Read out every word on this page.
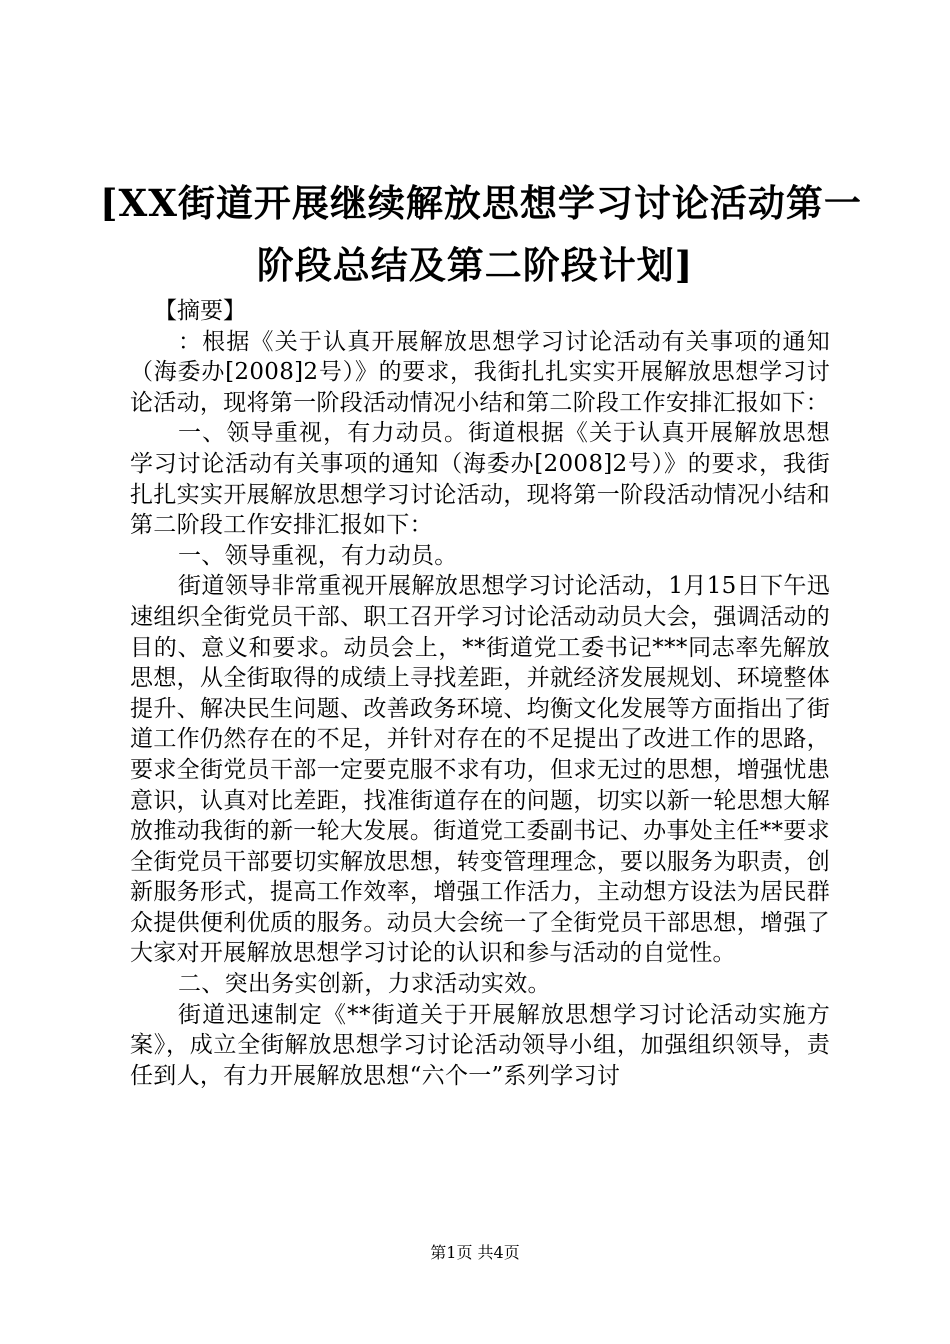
[XX街道开展继续解放思想学习讨论活动第一
阶段总结及第二阶段计划]

【摘要】

：根据《关于认真开展解放思想学习讨论活动有关事项的通知（海委办[2008]2号）》的要求，我街扎扎实实开展解放思想学习讨论活动，现将第一阶段活动情况小结和第二阶段工作安排汇报如下：

一、领导重视，有力动员。街道根据《关于认真开展解放思想学习讨论活动有关事项的通知（海委办[2008]2号）》的要求，我街扎扎实实开展解放思想学习讨论活动，现将第一阶段活动情况小结和第二阶段工作安排汇报如下：

一、领导重视，有力动员。

街道领导非常重视开展解放思想学习讨论活动，1月15日下午迅速组织全街党员干部、职工召开学习讨论活动动员大会，强调活动的目的、意义和要求。动员会上，**街道党工委书记***同志率先解放思想，从全街取得的成绩上寻找差距，并就经济发展规划、环境整体提升、解决民生问题、改善政务环境、均衡文化发展等方面指出了街道工作仍然存在的不足，并针对存在的不足提出了改进工作的思路，要求全街党员干部一定要克服不求有功，但求无过的思想，增强忧患意识，认真对比差距，找准街道存在的问题，切实以新一轮思想大解放推动我街的新一轮大发展。街道党工委副书记、办事处主任**要求全街党员干部要切实解放思想，转变管理理念，要以服务为职责，创新服务形式，提高工作效率，增强工作活力，主动想方设法为居民群众提供便利优质的服务。动员大会统一了全街党员干部思想，增强了大家对开展解放思想学习讨论的认识和参与活动的自觉性。

二、突出务实创新，力求活动实效。

街道迅速制定《**街道关于开展解放思想学习讨论活动实施方案》，成立全街解放思想学习讨论活动领导小组，加强组织领导，责任到人，有力开展解放思想“六个一”系列学习讨

第1页 共4页
